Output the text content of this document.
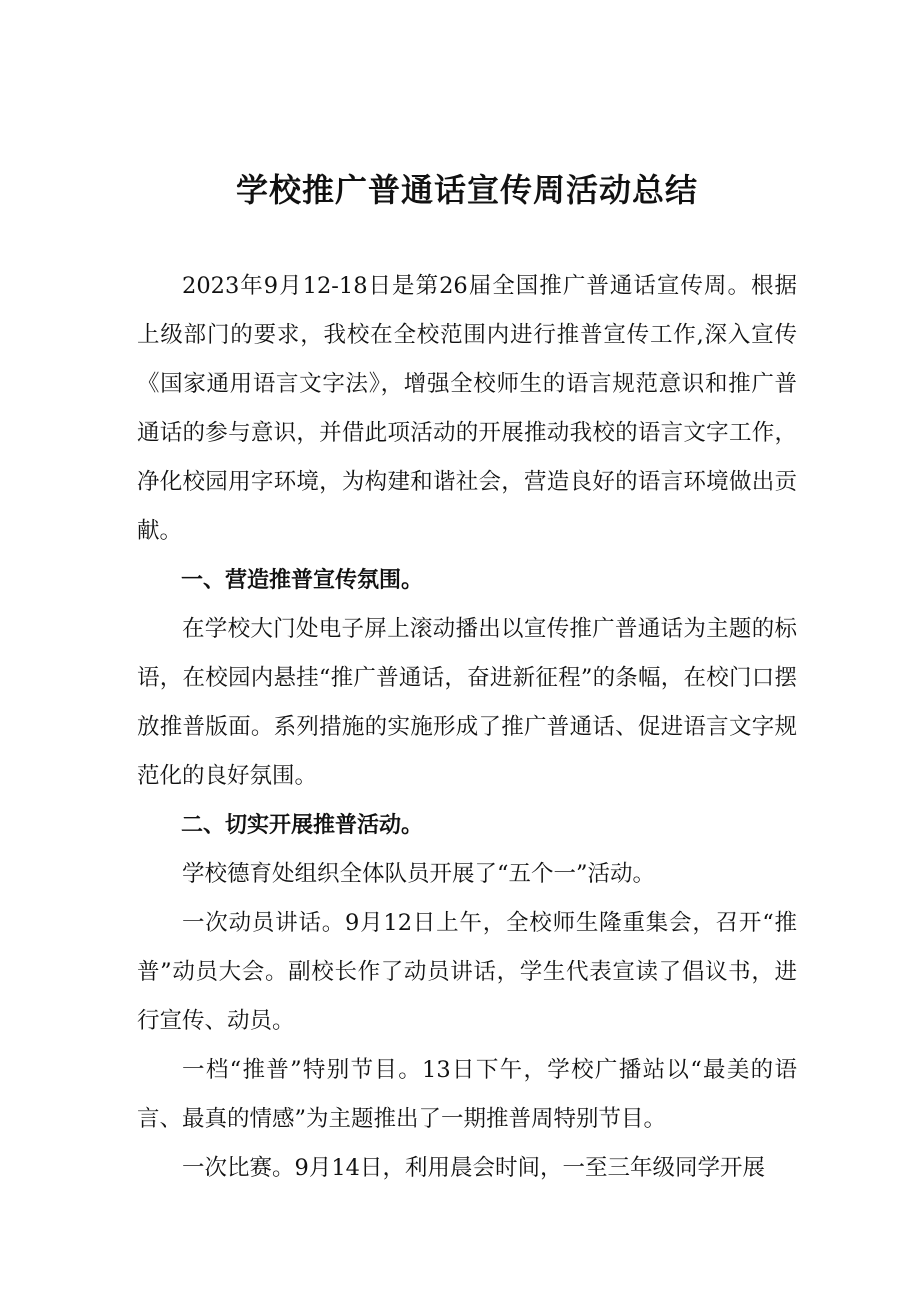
学校推广普通话宣传周活动总结

2023年9月12-18日是第26届全国推广普通话宣传周。根据上级部门的要求，我校在全校范围内进行推普宣传工作,深入宣传《国家通用语言文字法》，增强全校师生的语言规范意识和推广普通话的参与意识，并借此项活动的开展推动我校的语言文字工作，净化校园用字环境，为构建和谐社会，营造良好的语言环境做出贡献。

一、营造推普宣传氛围。

在学校大门处电子屏上滚动播出以宣传推广普通话为主题的标语，在校园内悬挂“推广普通话，奋进新征程”的条幅，在校门口摆放推普版面。系列措施的实施形成了推广普通话、促进语言文字规范化的良好氛围。

二、切实开展推普活动。

学校德育处组织全体队员开展了“五个一”活动。

一次动员讲话。9月12日上午，全校师生隆重集会，召开“推普”动员大会。副校长作了动员讲话，学生代表宣读了倡议书，进行宣传、动员。

一档“推普”特别节目。13日下午，学校广播站以“最美的语言、最真的情感”为主题推出了一期推普周特别节目。

一次比赛。9月14日，利用晨会时间，一至三年级同学开展
